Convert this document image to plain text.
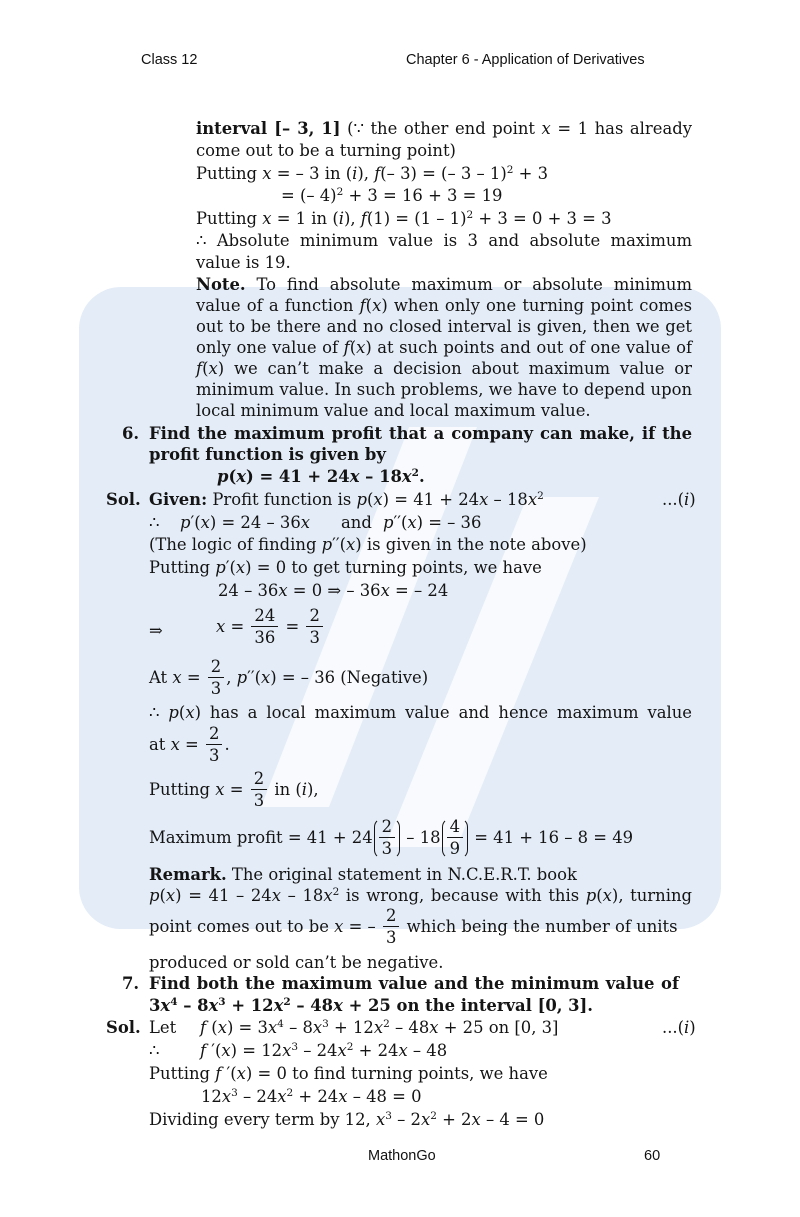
Class 12	Chapter 6 - Application of Derivatives
interval [– 3, 1] (∵ the other end point x = 1 has already
come out to be a turning point)
Putting x = – 3 in (i), f(– 3) = (– 3 – 1)$^2$ + 3
= (– 4)$^2$ + 3 = 16 + 3 = 19
Putting x = 1 in (i), f(1) = (1 – 1)$^2$ + 3 = 0 + 3 = 3
∴ Absolute minimum value is 3 and absolute maximum
value is 19.
Note. To find absolute maximum or absolute minimum
value of a function f(x) when only one turning point comes
out to be there and no closed interval is given, then we get
only one value of f(x) at such points and out of one value of
f(x) we can’t make a decision about maximum value or
minimum value. In such problems, we have to depend upon
local minimum value and local maximum value.
6. Find the maximum profit that a company can make, if the
profit function is given by
$p(x) = 41 + 24x - 18x^2$.
Sol. Given: Profit function is $p(x) = 41 + 24x - 18x^2$	...(i)
∴ p′(x) = 24 – 36x and p′′(x) = – 36
(The logic of finding p′′(x) is given in the note above)
Putting p′(x) = 0 to get turning points, we have
24 – 36x = 0 ⇒ – 36x = – 24
⇒	$x = \frac{24}{36} = \frac{2}{3}$
At $x = \frac{2}{3}$ , p′′(x) = – 36 (Negative)
∴ p(x) has a local maximum value and hence maximum value
at $x = \frac{2}{3}$ .
Putting $x = \frac{2}{3}$ in (i),
Maximum profit = $41 + 24 \frac{2}{3} - 18 \frac{4}{9} = 41 + 16 - 8 = 49$
Remark. The original statement in N.C.E.R.T. book
$p(x) = 41 - 24x - 18x^2$ is wrong, because with this p(x), turning
point comes out to be x = – $\frac{2}{3}$ which being the number of units
produced or sold can’t be negative.
7. Find both the maximum value and the minimum value of
$3x^4 - 8x^3 + 12x^2 - 48x + 25$ on the interval [0, 3].
Sol. Let f $(x) = 3x^4 - 8x^3 + 12x^2 - 48x + 25$ on [0, 3]	...(i)
∴ f $'(x) = 12x^3 - 24x^2 + 24x - 48$
Putting f ′(x) = 0 to find turning points, we have
$12x^3 - 24x^2 + 24x - 48 = 0$
Dividing every term by 12, $x^3 - 2x^2 + 2x - 4 = 0$
MathonGo	60
